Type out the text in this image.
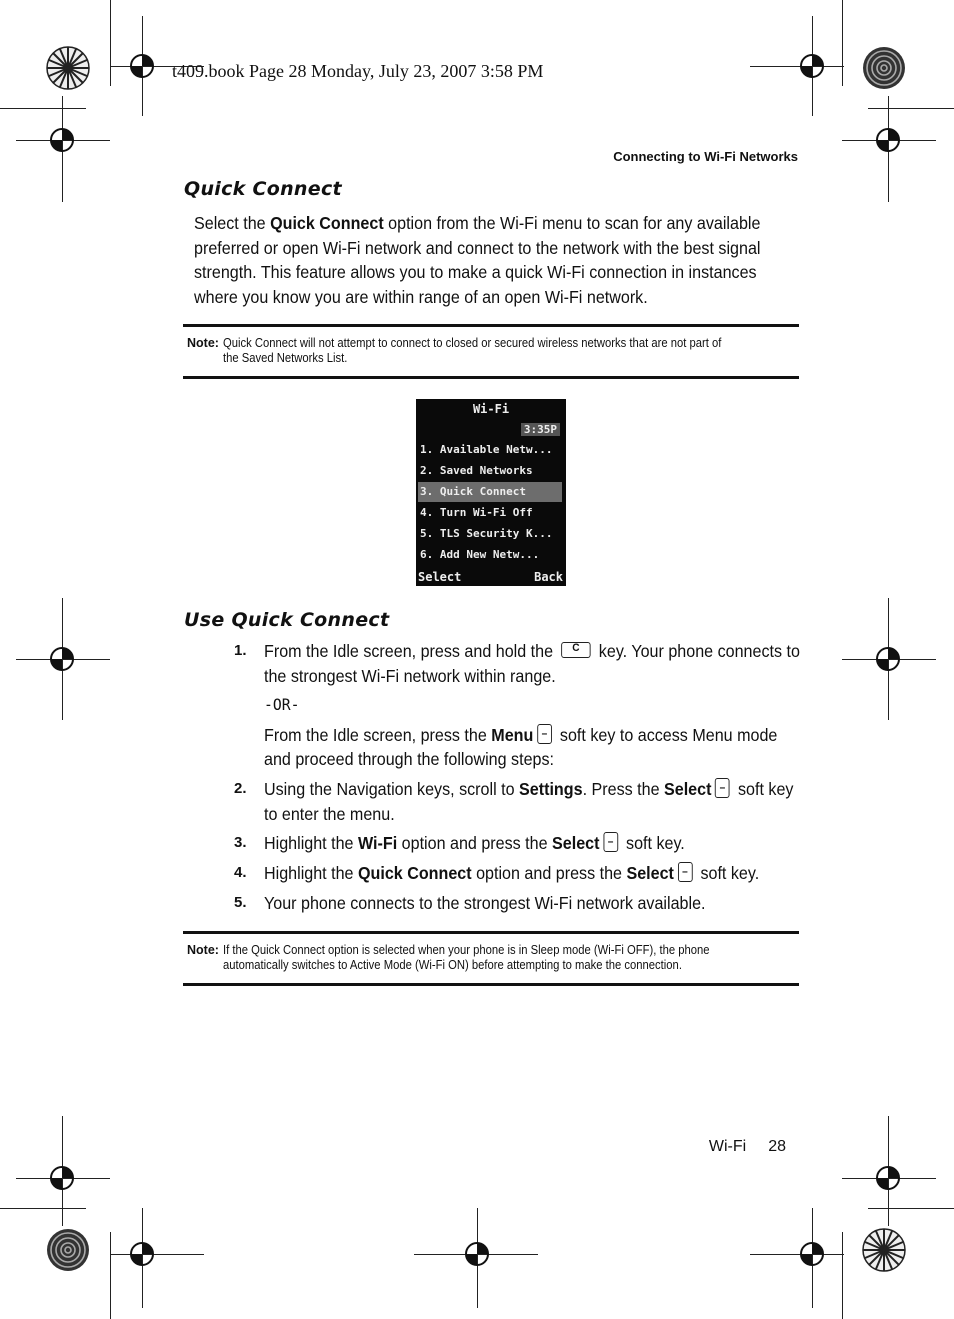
t409.book Page 28 Monday, July 23, 2007 3:58 PM
Connecting to Wi-Fi Networks
Quick Connect
Select the Quick Connect option from the Wi-Fi menu to scan for any available
preferred or open Wi-Fi network and connect to the network with the best signal
strength. This feature allows you to make a quick Wi-Fi connection in instances
where you know you are within range of an open Wi-Fi network.
Note: Quick Connect will not attempt to connect to closed or secured wireless networks that are not part of
the Saved Networks List.
Wi-Fi
3:35P
1. Available Netw...
2. Saved Networks
3. Quick Connect
4. Turn Wi-Fi Off
5. TLS Security K...
6. Add New Netw...
Select	Back
Use Quick Connect
1. From the Idle screen, press and hold the C key. Your phone connects to
the strongest Wi-Fi network within range.
-OR-
From the Idle screen, press the Menu – soft key to access Menu mode
and proceed through the following steps:
2. Using the Navigation keys, scroll to Settings. Press the Select – soft key
to enter the menu.
3. Highlight the Wi-Fi option and press the Select – soft key.
4. Highlight the Quick Connect option and press the Select – soft key.
5. Your phone connects to the strongest Wi-Fi network available.
Note: If the Quick Connect option is selected when your phone is in Sleep mode (Wi-Fi OFF), the phone
automatically switches to Active Mode (Wi-Fi ON) before attempting to make the connection.
Wi-Fi 28
